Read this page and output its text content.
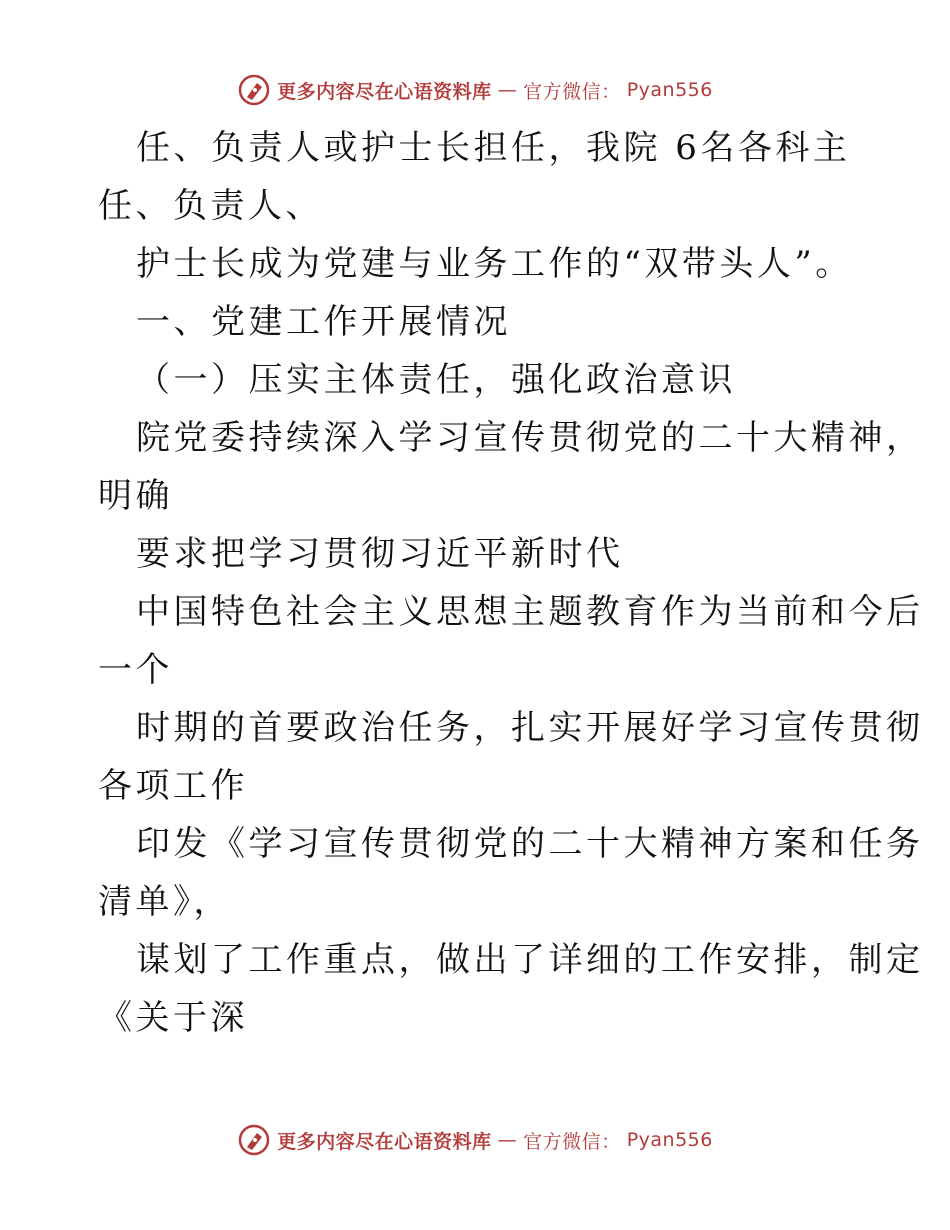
更多内容尽在心语资料库 — 官方微信： Pyan556
任、负责人或护士长担任，我院 6名各科主
任、负责人、
护士长成为党建与业务工作的“双带头人”。
一、党建工作开展情况
（一）压实主体责任，强化政治意识
院党委持续深入学习宣传贯彻党的二十大精神，
明确
要求把学习贯彻习近平新时代
中国特色社会主义思想主题教育作为当前和今后
一个
时期的首要政治任务，扎实开展好学习宣传贯彻
各项工作
印发《学习宣传贯彻党的二十大精神方案和任务
清单》，
谋划了工作重点，做出了详细的工作安排，制定
《关于深
更多内容尽在心语资料库 — 官方微信： Pyan556
